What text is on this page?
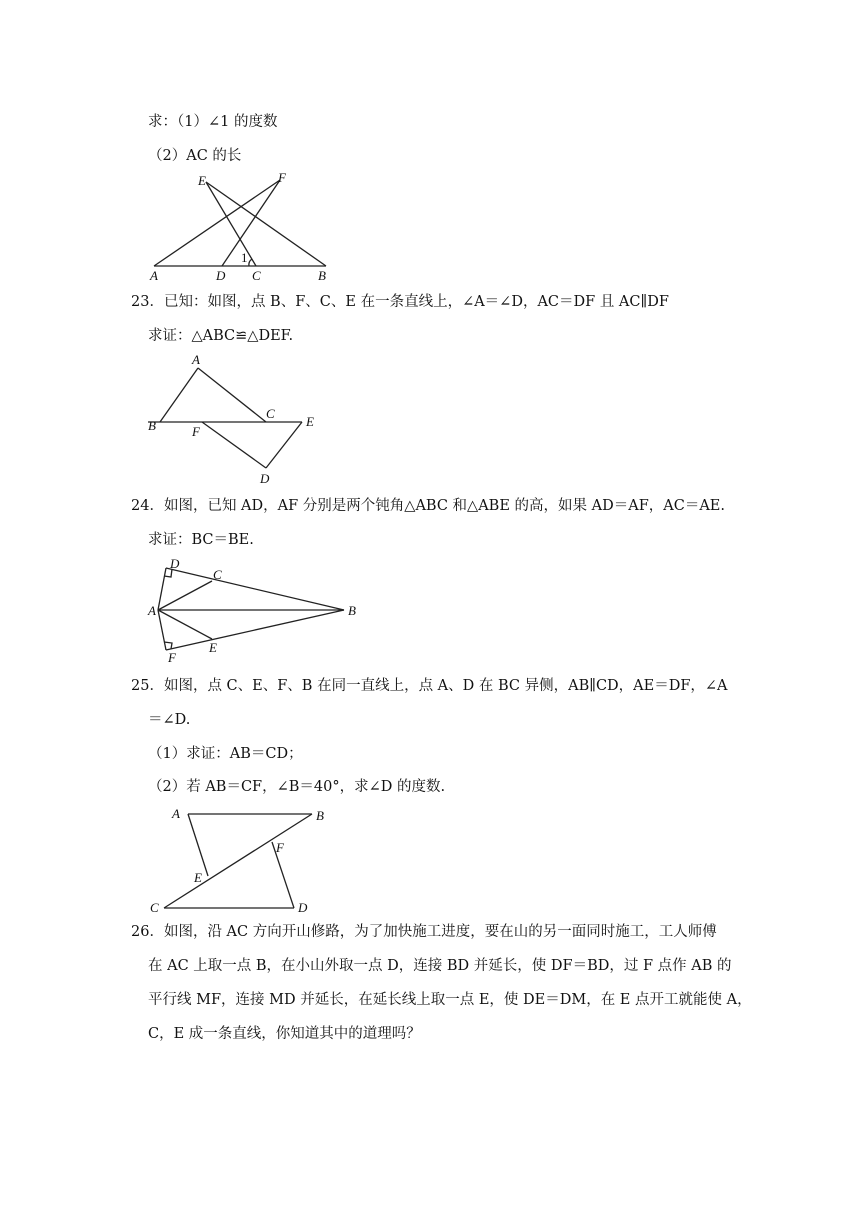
求：（1）∠1 的度数
（2）AC 的长
E	F
A	D
1
C	B
23．已知：如图，点 B、F、C、E 在一条直线上，∠A＝∠D，AC＝DF 且 AC∥DF
求证：△ABC≌△DEF.
A
B	F
C
E
D
24．如图，已知 AD，AF 分别是两个钝角△ABC 和△ABE 的高，如果 AD＝AF，AC＝AE.
求证：BC＝BE.
D
C
A	B
F
E
25．如图，点 C、E、F、B 在同一直线上，点 A、D 在 BC 异侧，AB∥CD，AE＝DF，∠A
＝∠D.
（1）求证：AB＝CD；
（2）若 AB＝CF，∠B＝40°，求∠D 的度数.
A	B
F
E
C	D
26．如图，沿 AC 方向开山修路，为了加快施工进度，要在山的另一面同时施工，工人师傅
在 AC 上取一点 B，在小山外取一点 D，连接 BD 并延长，使 DF＝BD，过 F 点作 AB 的
平行线 MF，连接 MD 并延长，在延长线上取一点 E，使 DE＝DM，在 E 点开工就能使 A，
C，E 成一条直线，你知道其中的道理吗？
